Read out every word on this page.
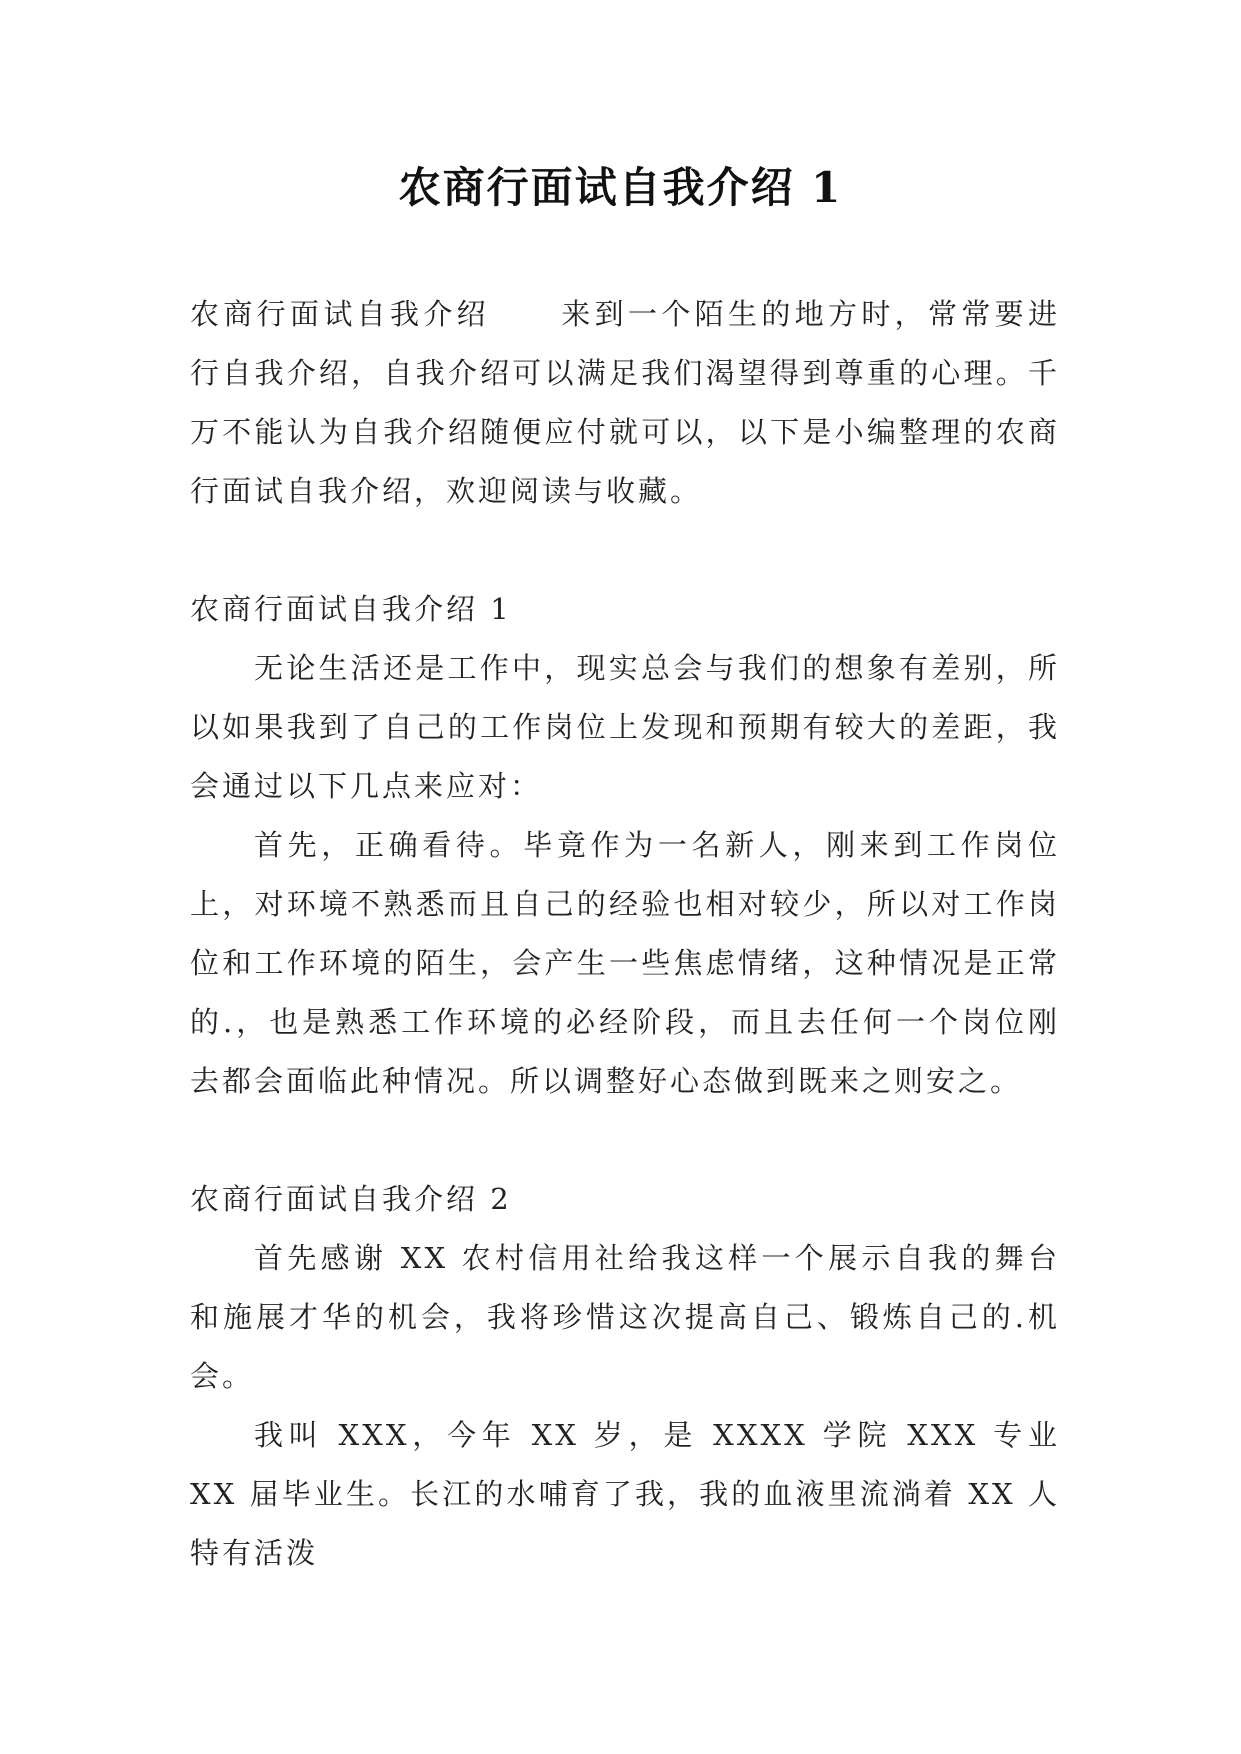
农商行面试自我介绍 1

农商行面试自我介绍 来到一个陌生的地方时，常常要进行自我介绍，自我介绍可以满足我们渴望得到尊重的心理。千万不能认为自我介绍随便应付就可以，以下是小编整理的农商行面试自我介绍，欢迎阅读与收藏。

农商行面试自我介绍 1

无论生活还是工作中，现实总会与我们的想象有差别，所以如果我到了自己的工作岗位上发现和预期有较大的差距，我会通过以下几点来应对：

首先，正确看待。毕竟作为一名新人，刚来到工作岗位上，对环境不熟悉而且自己的经验也相对较少，所以对工作岗位和工作环境的陌生，会产生一些焦虑情绪，这种情况是正常的.，也是熟悉工作环境的必经阶段，而且去任何一个岗位刚去都会面临此种情况。所以调整好心态做到既来之则安之。

农商行面试自我介绍 2

首先感谢 XX 农村信用社给我这样一个展示自我的舞台和施展才华的机会，我将珍惜这次提高自己、锻炼自己的.机会。

我叫 XXX，今年 XX 岁，是 XXXX 学院 XXX 专业 XX 届毕业生。长江的水哺育了我，我的血液里流淌着 XX 人特有活泼
